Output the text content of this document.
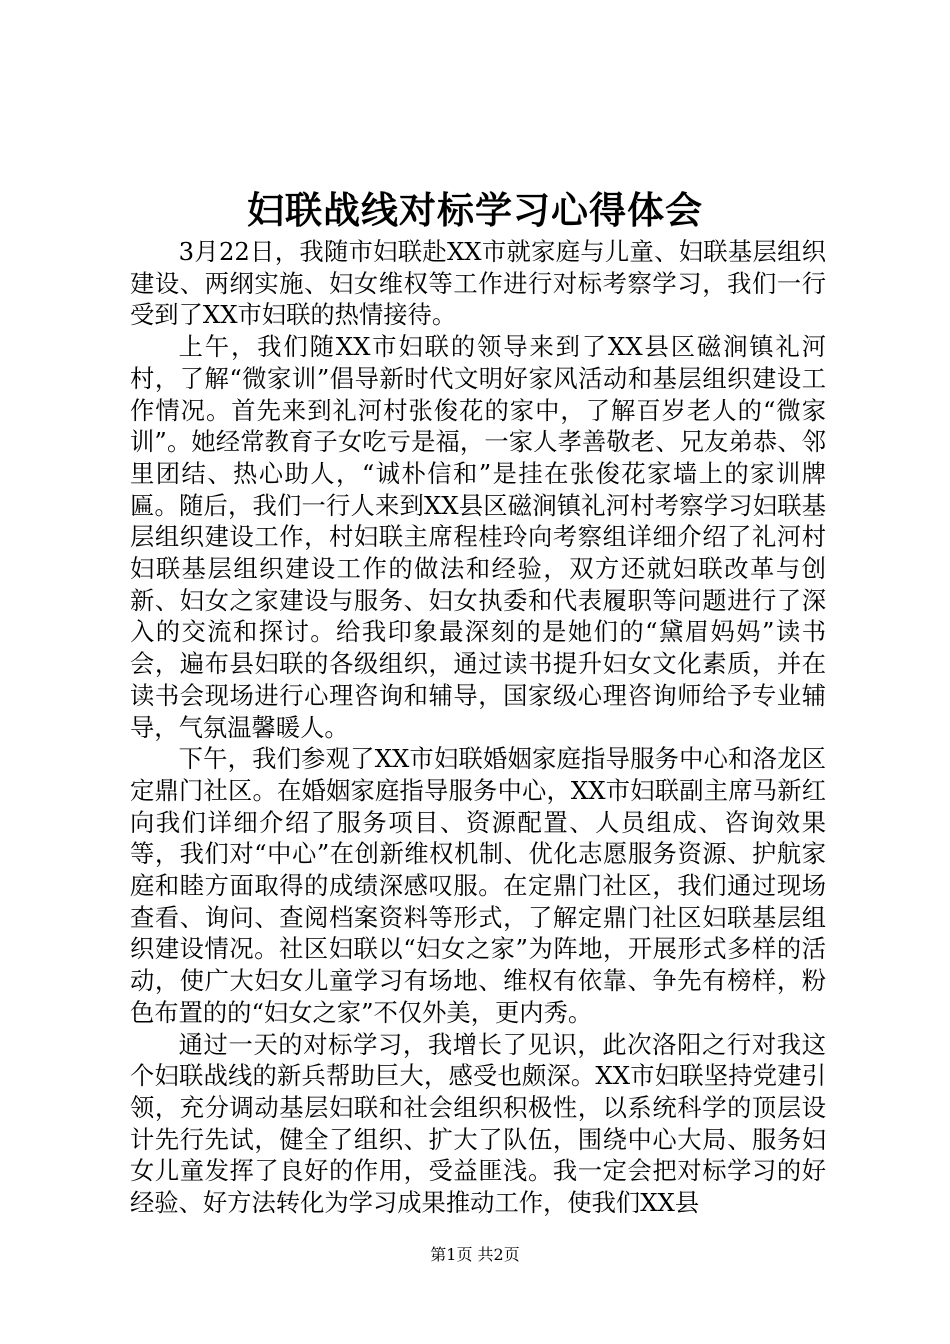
妇联战线对标学习心得体会

3月22日，我随市妇联赴XX市就家庭与儿童、妇联基层组织建设、两纲实施、妇女维权等工作进行对标考察学习，我们一行受到了XX市妇联的热情接待。

上午，我们随XX市妇联的领导来到了XX县区磁涧镇礼河村，了解“微家训”倡导新时代文明好家风活动和基层组织建设工作情况。首先来到礼河村张俊花的家中，了解百岁老人的“微家训”。她经常教育子女吃亏是福，一家人孝善敬老、兄友弟恭、邻里团结、热心助人，“诚朴信和”是挂在张俊花家墙上的家训牌匾。随后，我们一行人来到XX县区磁涧镇礼河村考察学习妇联基层组织建设工作，村妇联主席程桂玲向考察组详细介绍了礼河村妇联基层组织建设工作的做法和经验，双方还就妇联改革与创新、妇女之家建设与服务、妇女执委和代表履职等问题进行了深入的交流和探讨。给我印象最深刻的是她们的“黛眉妈妈”读书会，遍布县妇联的各级组织，通过读书提升妇女文化素质，并在读书会现场进行心理咨询和辅导，国家级心理咨询师给予专业辅导，气氛温馨暖人。

下午，我们参观了XX市妇联婚姻家庭指导服务中心和洛龙区定鼎门社区。在婚姻家庭指导服务中心，XX市妇联副主席马新红向我们详细介绍了服务项目、资源配置、人员组成、咨询效果等，我们对“中心”在创新维权机制、优化志愿服务资源、护航家庭和睦方面取得的成绩深感叹服。在定鼎门社区，我们通过现场查看、询问、查阅档案资料等形式，了解定鼎门社区妇联基层组织建设情况。社区妇联以“妇女之家”为阵地，开展形式多样的活动，使广大妇女儿童学习有场地、维权有依靠、争先有榜样，粉色布置的的“妇女之家”不仅外美，更内秀。

通过一天的对标学习，我增长了见识，此次洛阳之行对我这个妇联战线的新兵帮助巨大，感受也颇深。XX市妇联坚持党建引领，充分调动基层妇联和社会组织积极性，以系统科学的顶层设计先行先试，健全了组织、扩大了队伍，围绕中心大局、服务妇女儿童发挥了良好的作用，受益匪浅。我一定会把对标学习的好经验、好方法转化为学习成果推动工作，使我们XX县

第1页 共2页
